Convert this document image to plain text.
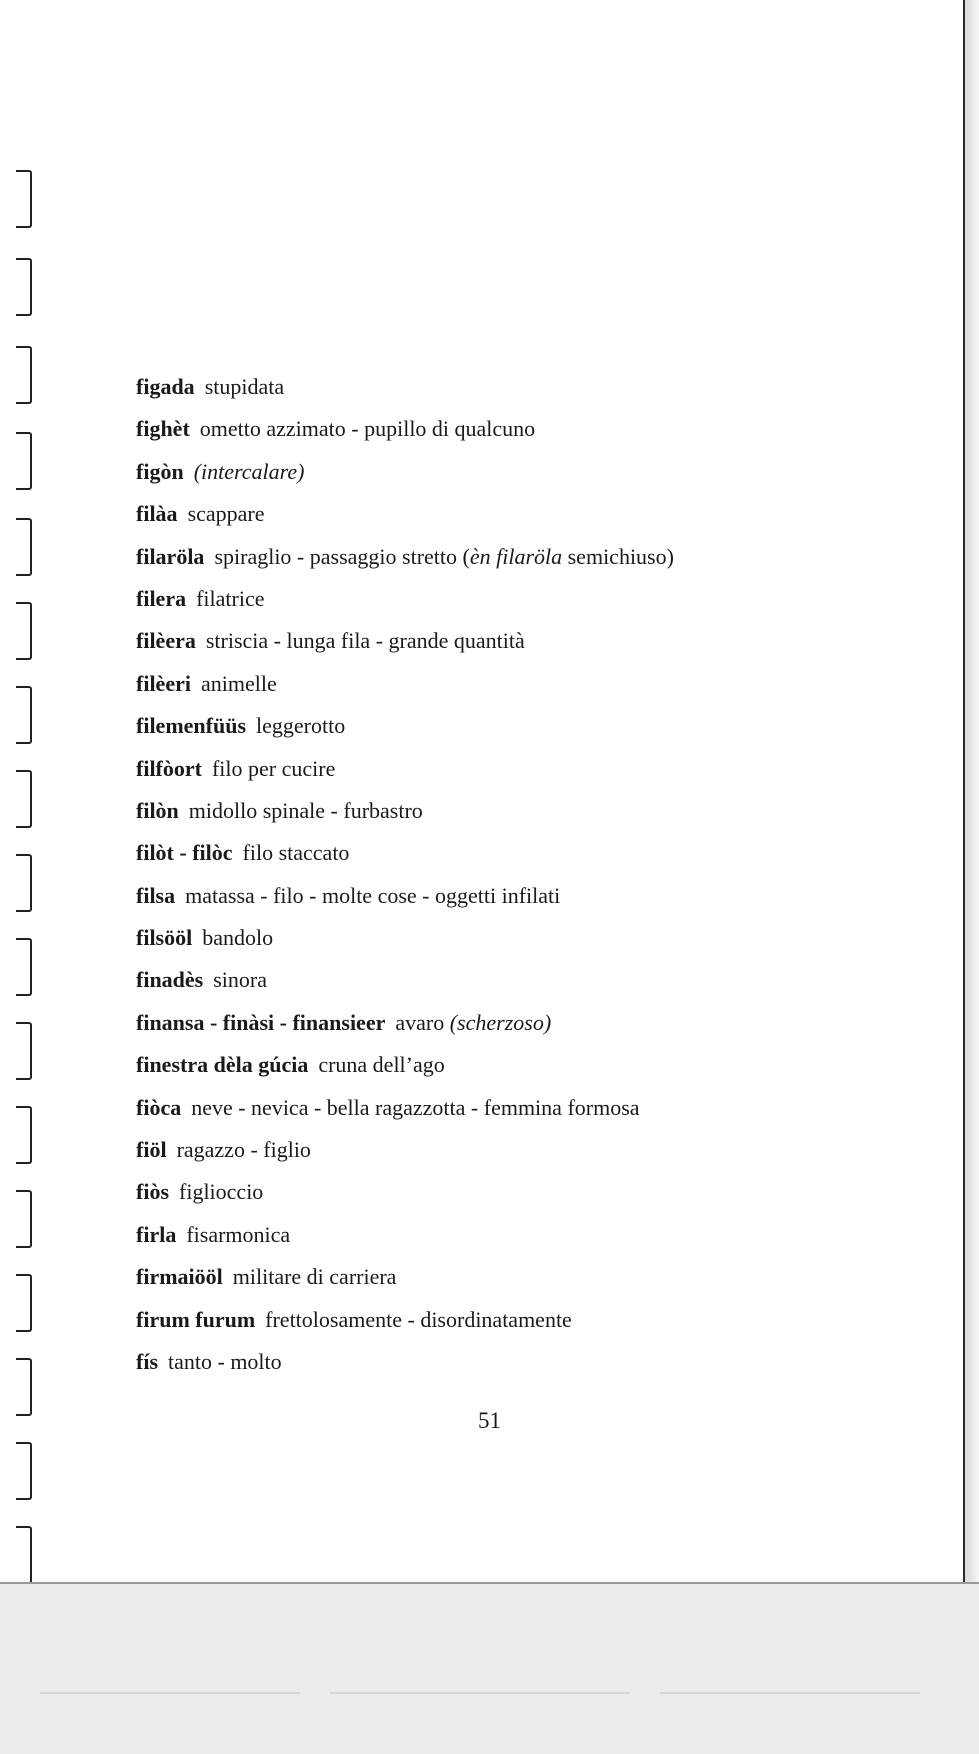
figada stupidata
fighèt ometto azzimato - pupillo di qualcuno
figòn (intercalare)
filàa scappare
filaröla spiraglio - passaggio stretto (èn filaröla semichiuso)
filera filatrice
filèera striscia - lunga fila - grande quantità
filèeri animelle
filemenfüüs leggerotto
filfòort filo per cucire
filòn midollo spinale - furbastro
filòt - filòc filo staccato
filsa matassa - filo - molte cose - oggetti infilati
filsööl bandolo
finadès sinora
finansa - finàsi - finansieer avaro (scherzoso)
finestra dèla gúcia cruna dell’ago
fiòca neve - nevica - bella ragazzotta - femmina formosa
fiöl ragazzo - figlio
fiòs figlioccio
firla fisarmonica
firmaiööl militare di carriera
firum furum frettolosamente - disordinatamente
fís tanto - molto
51
